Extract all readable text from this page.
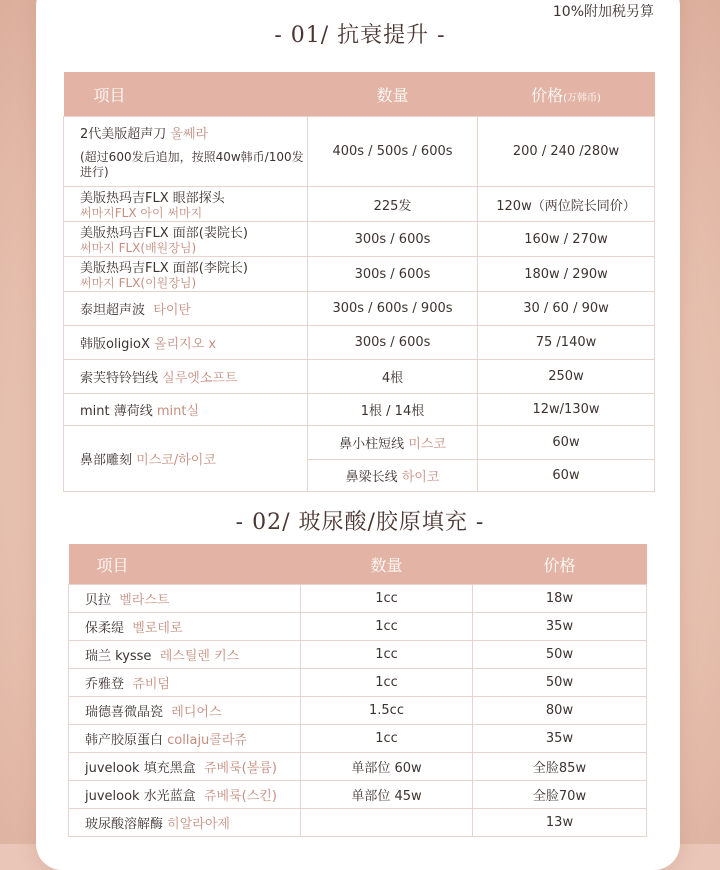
10%附加税另算
- 01/ 抗衰提升 -
项目	数量	价格(万韩币)
2代美版超声刀 울쎄라
(超过600发后追加，按照40w韩币/100发进行)	400s / 500s / 600s	200 / 240 /280w
美版热玛吉FLX 眼部探头
써마지FLX 아이 써마지	225发	120w（两位院长同价）
美版热玛吉FLX 面部(裴院长)
써마지 FLX(배원장님)	300s / 600s	160w / 270w
美版热玛吉FLX 面部(李院长)
써마지 FLX(이원장님)	300s / 600s	180w / 290w
泰坦超声波 타이탄	300s / 600s / 900s	30 / 60 / 90w
韩版oligioX 올리지오 x	300s / 600s	75 /140w
索芙特铃铛线 실루엣소프트	4根	250w
mint 薄荷线 mint실	1根 / 14根	12w/130w
鼻部雕刻 미스코/하이코	鼻小柱短线 미스코	60w
	鼻梁长线 하이코	60w
- 02/ 玻尿酸/胶原填充 -
项目	数量	价格
贝拉 벨라스트	1cc	18w
保柔缇 벨로테로	1cc	35w
瑞兰 kysse 레스틸렌 키스	1cc	50w
乔雅登 쥬비덤	1cc	50w
瑞德喜微晶瓷 레디어스	1.5cc	80w
韩产胶原蛋白 collaju콜라쥬	1cc	35w
juvelook 填充黑盒 쥬베룩(볼륨)	单部位 60w	全脸85w
juvelook 水光蓝盒 쥬베룩(스킨)	单部位 45w	全脸70w
玻尿酸溶解酶 히알라아제		13w
